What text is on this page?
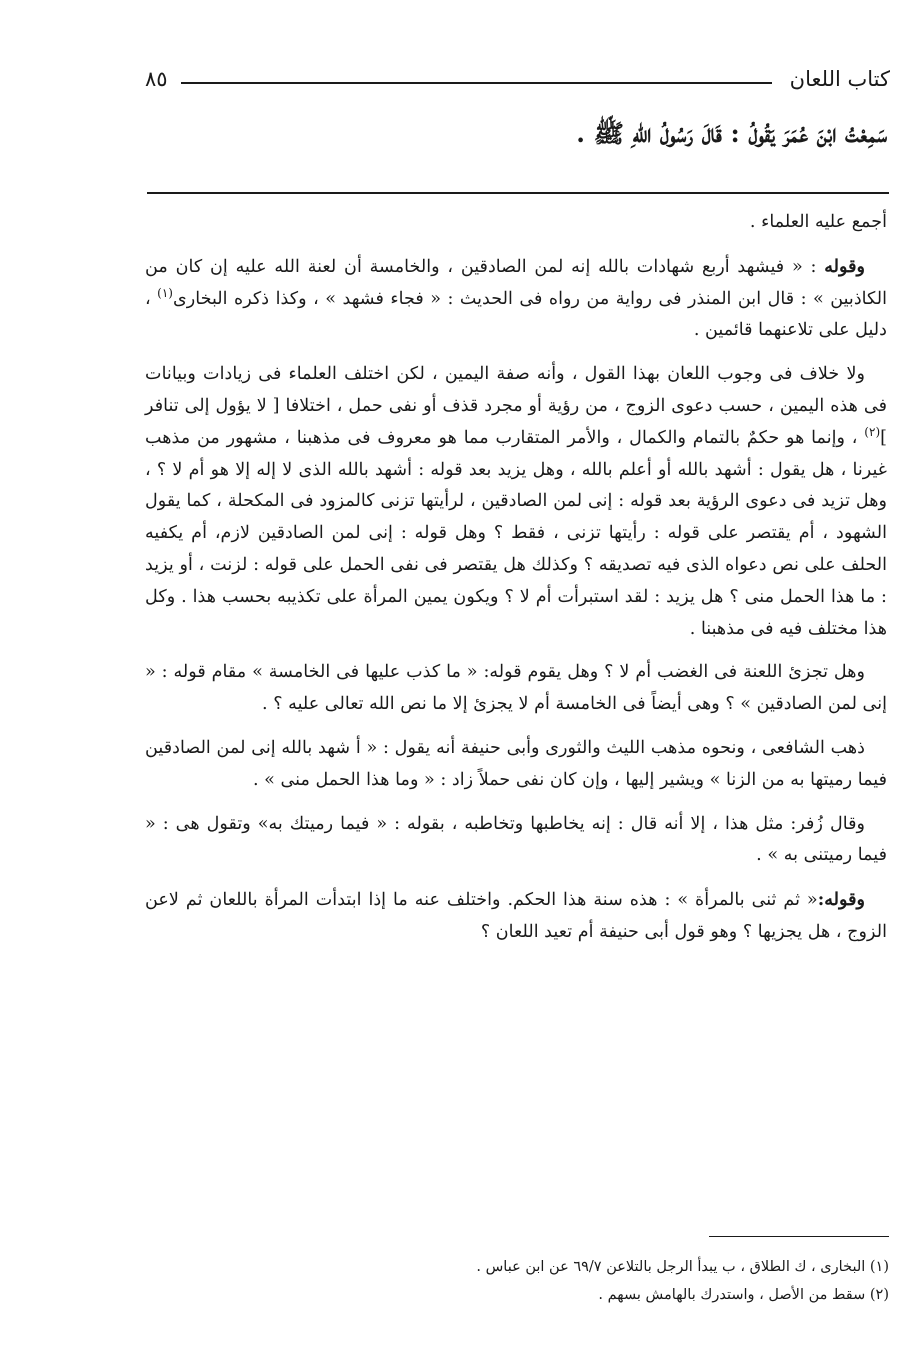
كتاب اللعان
٨٥
سَمِعْتُ ابْنَ عُمَرَ يَقُولُ : قَالَ رَسُولُ اللهِ ﷺ .

أجمع عليه العلماء .

وقوله : « فيشهد أربع شهادات بالله إنه لمن الصادقين ، والخامسة أن لعنة الله عليه إن كان من الكاذبين » : قال ابن المنذر فى رواية من رواه فى الحديث : « فجاء فشهد » ، وكذا ذكره البخارى$^{(١)}$ ، دليل على تلاعنهما قائمين .

ولا خلاف فى وجوب اللعان بهذا القول ، وأنه صفة اليمين ، لكن اختلف العلماء فى زيادات وبيانات فى هذه اليمين ، حسب دعوى الزوج ، من رؤية أو مجرد قذف أو نفى حمل ، اختلافا [ لا يؤول إلى تنافر ]$^{(٢)}$ ، وإنما هو حكمٌ بالتمام والكمال ، والأمر المتقارب مما هو معروف فى مذهبنا ، مشهور من مذهب غيرنا ، هل يقول : أشهد بالله أو أعلم بالله ، وهل يزيد بعد قوله : أشهد بالله الذى لا إله إلا هو أم لا ؟ ، وهل تزيد فى دعوى الرؤية بعد قوله : إنى لمن الصادقين ، لرأيتها تزنى كالمزود فى المكحلة ، كما يقول الشهود ، أم يقتصر على قوله : رأيتها تزنى ، فقط ؟ وهل قوله : إنى لمن الصادقين لازم، أم يكفيه الحلف على نص دعواه الذى فيه تصديقه ؟ وكذلك هل يقتصر فى نفى الحمل على قوله : لزنت ، أو يزيد : ما هذا الحمل منى ؟ هل يزيد : لقد استبرأت أم لا ؟ ويكون يمين المرأة على تكذيبه بحسب هذا . وكل هذا مختلف فيه فى مذهبنا .

وهل تجزئ اللعنة فى الغضب أم لا ؟ وهل يقوم قوله: « ما كذب عليها فى الخامسة » مقام قوله : « إنى لمن الصادقين » ؟ وهى أيضاً فى الخامسة أم لا يجزئ إلا ما نص الله تعالى عليه ؟ .

ذهب الشافعى ، ونحوه مذهب الليث والثورى وأبى حنيفة أنه يقول : « أ شهد بالله إنى لمن الصادقين فيما رميتها به من الزنا » ويشير إليها ، وإن كان نفى حملاً زاد : « وما هذا الحمل منى » .

وقال زُفر: مثل هذا ، إلا أنه قال : إنه يخاطبها وتخاطبه ، بقوله : « فيما رميتك به» وتقول هى : « فيما رميتنى به » .

وقوله:« ثم ثنى بالمرأة » : هذه سنة هذا الحكم. واختلف عنه ما إذا ابتدأت المرأة باللعان ثم لاعن الزوج ، هل يجزيها ؟ وهو قول أبى حنيفة أم تعيد اللعان ؟

(١) البخارى ، ك الطلاق ، ب يبدأ الرجل بالتلاعن ٦٩/٧ عن ابن عباس .
(٢) سقط من الأصل ، واستدرك بالهامش بسهم .
